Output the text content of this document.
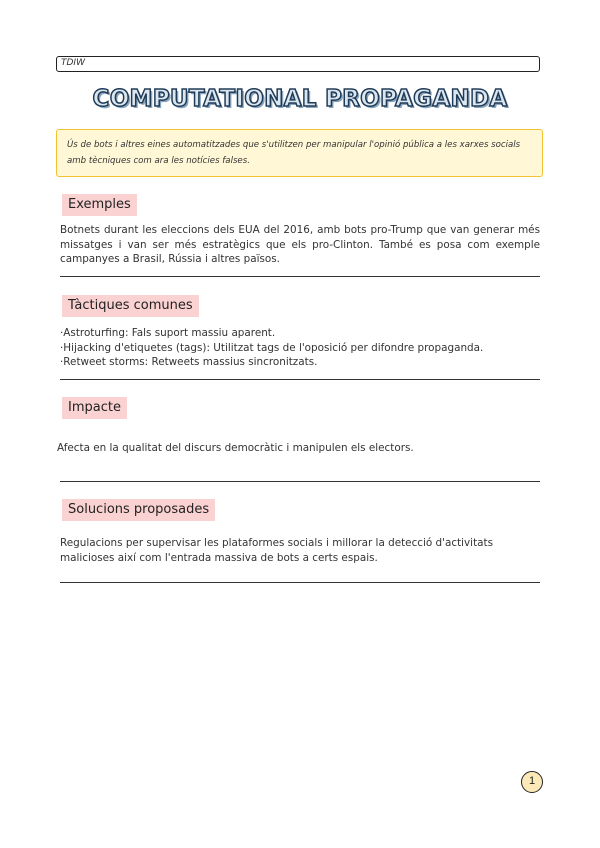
TDIW
COMPUTATIONAL PROPAGANDA
Ús de bots i altres eines automatitzades que s'utilitzen per manipular l'opinió pública a les xarxes socials amb tècniques com ara les notícies falses.
Exemples
Botnets durant les eleccions dels EUA del 2016, amb bots pro-Trump que van generar més missatges i van ser més estratègics que els pro-Clinton. També es posa com exemple campanyes a Brasil, Rússia i altres països.
Tàctiques comunes
·Astroturfing: Fals suport massiu aparent.
·Hijacking d'etiquetes (tags): Utilitzat tags de l'oposició per difondre propaganda.
·Retweet storms: Retweets massius sincronitzats.
Impacte
Afecta en la qualitat del discurs democràtic i manipulen els electors.
Solucions proposades
Regulacions per supervisar les plataformes socials i millorar la detecció d'activitats malicioses així com l'entrada massiva de bots a certs espais.
1
